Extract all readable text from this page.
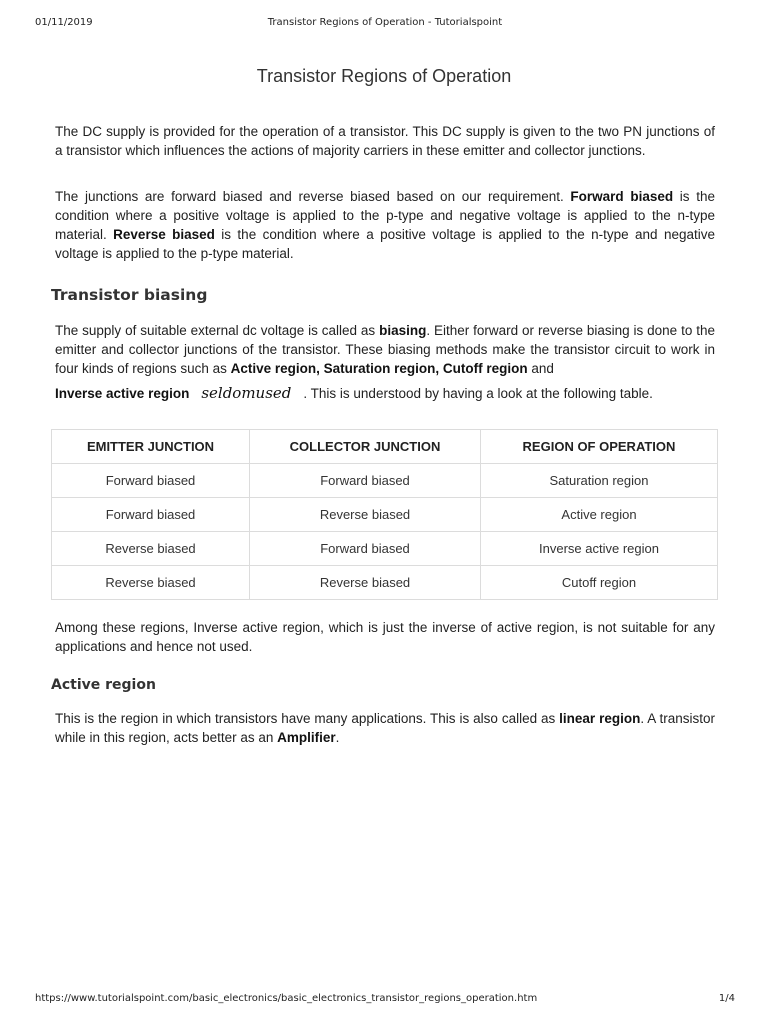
01/11/2019	Transistor Regions of Operation - Tutorialspoint
Transistor Regions of Operation

The DC supply is provided for the operation of a transistor. This DC supply is given to the two PN junctions of a transistor which influences the actions of majority carriers in these emitter and collector junctions.

The junctions are forward biased and reverse biased based on our requirement. Forward biased is the condition where a positive voltage is applied to the p-type and negative voltage is applied to the n-type material. Reverse biased is the condition where a positive voltage is applied to the n-type and negative voltage is applied to the p-type material.

Transistor biasing

The supply of suitable external dc voltage is called as biasing. Either forward or reverse biasing is done to the emitter and collector junctions of the transistor. These biasing methods make the transistor circuit to work in four kinds of regions such as Active region, Saturation region, Cutoff region and

Inverse active region seldomused . This is understood by having a look at the following table.

EMITTER JUNCTION	COLLECTOR JUNCTION	REGION OF OPERATION
Forward biased	Forward biased	Saturation region
Forward biased	Reverse biased	Active region
Reverse biased	Forward biased	Inverse active region
Reverse biased	Reverse biased	Cutoff region

Among these regions, Inverse active region, which is just the inverse of active region, is not suitable for any applications and hence not used.

Active region

This is the region in which transistors have many applications. This is also called as linear region. A transistor while in this region, acts better as an Amplifier.

https://www.tutorialspoint.com/basic_electronics/basic_electronics_transistor_regions_operation.htm	1/4
